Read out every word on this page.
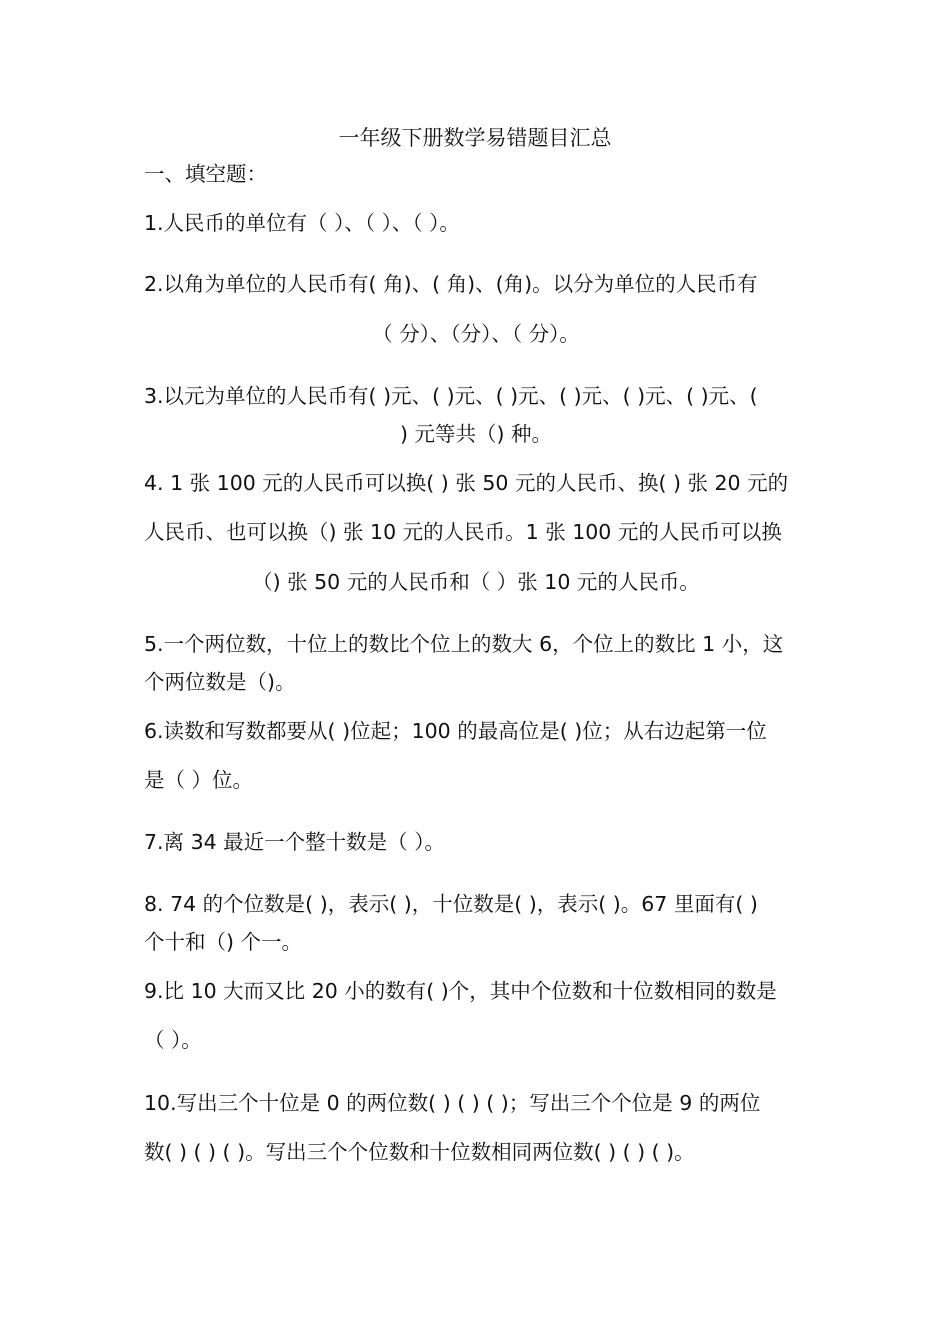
一年级下册数学易错题目汇总
一、填空题：
1.人民币的单位有（ ）、（ ）、（ ）。
2.以角为单位的人民币有( 角)、( 角)、(角)。以分为单位的人民币有
（ 分）、（分）、（ 分）。
3.以元为单位的人民币有( )元、( )元、( )元、( )元、( )元、( )元、(
) 元等共（) 种。
4. 1 张 100 元的人民币可以换( ) 张 50 元的人民币、换( ) 张 20 元的
人民币、也可以换（) 张 10 元的人民币。1 张 100 元的人民币可以换
（) 张 50 元的人民币和（ ）张 10 元的人民币。
5.一个两位数，十位上的数比个位上的数大 6，个位上的数比 1 小，这
个两位数是（)。
6.读数和写数都要从( )位起；100 的最高位是( )位；从右边起第一位
是（ ）位。
7.离 34 最近一个整十数是（ ）。
8. 74 的个位数是( )，表示( )，十位数是( )，表示( )。67 里面有( )
个十和（) 个一。
9.比 10 大而又比 20 小的数有( )个，其中个位数和十位数相同的数是
（ ）。
10.写出三个十位是 0 的两位数( ) ( ) ( )；写出三个个位是 9 的两位
数( ) ( ) ( )。写出三个个位数和十位数相同两位数( ) ( ) ( )。
